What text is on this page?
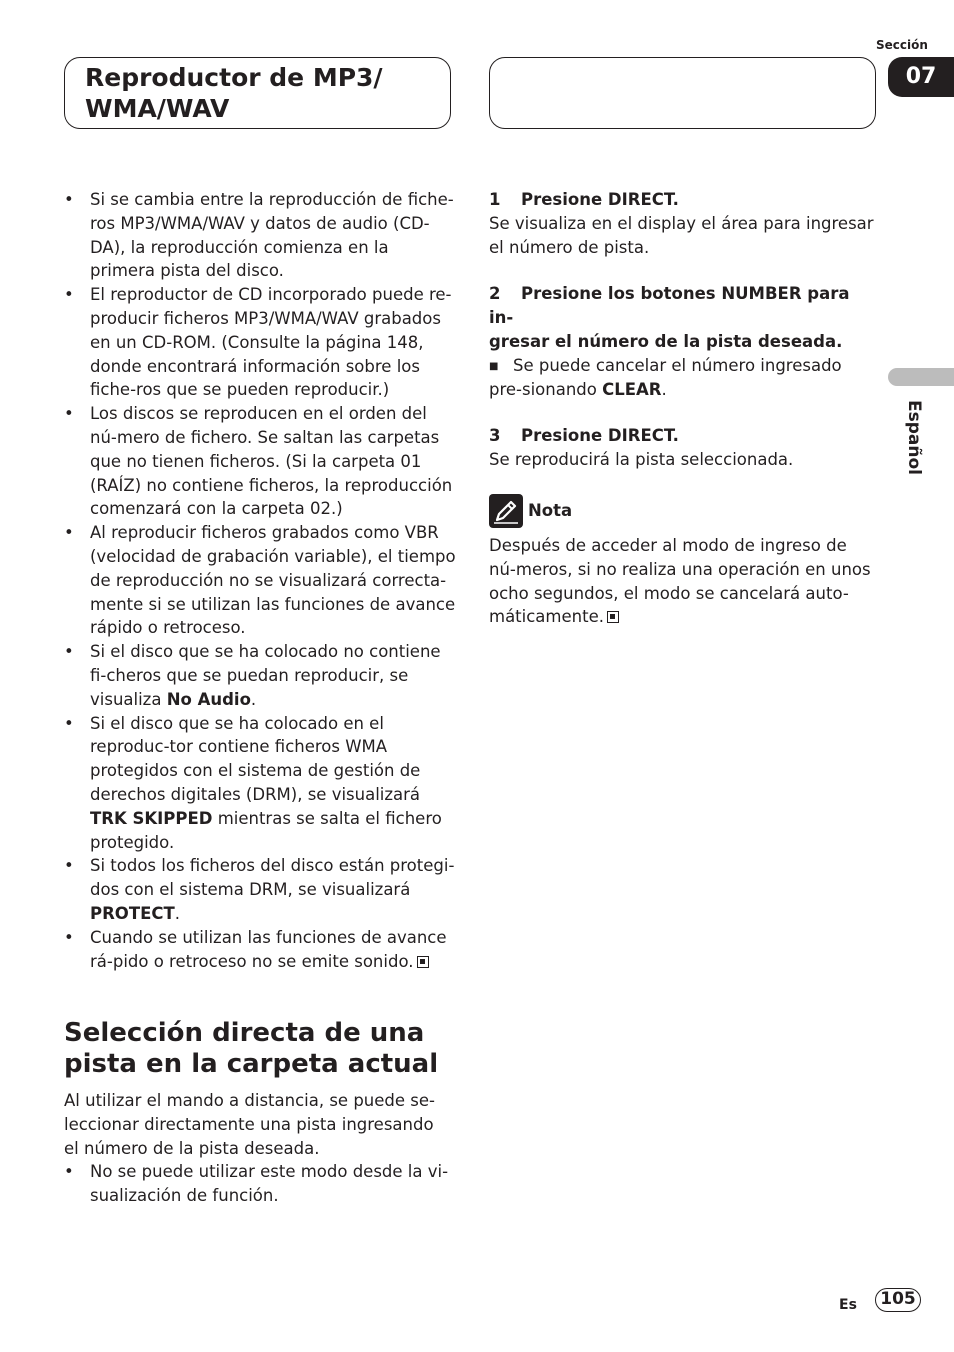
Reproductor de MP3/
WMA/WAV
Sección
07
Español
• Si se cambia entre la reproducción de fiche-ros MP3/WMA/WAV y datos de audio (CD-DA), la reproducción comienza en la primera pista del disco.
• El reproductor de CD incorporado puede re-producir ficheros MP3/WMA/WAV grabados en un CD-ROM. (Consulte la página 148, donde encontrará información sobre los fiche-ros que se pueden reproducir.)
• Los discos se reproducen en el orden del nú-mero de fichero. Se saltan las carpetas que no tienen ficheros. (Si la carpeta 01 (RAÍZ) no contiene ficheros, la reproducción comenzará con la carpeta 02.)
• Al reproducir ficheros grabados como VBR (velocidad de grabación variable), el tiempo de reproducción no se visualizará correcta-mente si se utilizan las funciones de avance rápido o retroceso.
• Si el disco que se ha colocado no contiene fi-cheros que se puedan reproducir, se visualiza No Audio.
• Si el disco que se ha colocado en el reproduc-tor contiene ficheros WMA protegidos con el sistema de gestión de derechos digitales (DRM), se visualizará TRK SKIPPED mientras se salta el fichero protegido.
• Si todos los ficheros del disco están protegi-dos con el sistema DRM, se visualizará PROTECT.
• Cuando se utilizan las funciones de avance rá-pido o retroceso no se emite sonido.
Selección directa de una
pista en la carpeta actual
Al utilizar el mando a distancia, se puede se-leccionar directamente una pista ingresando el número de la pista deseada.
• No se puede utilizar este modo desde la vi-sualización de función.
1 Presione DIRECT.
Se visualiza en el display el área para ingresar el número de pista.
2 Presione los botones NUMBER para in-
gresar el número de la pista deseada.
■ Se puede cancelar el número ingresado pre-sionando CLEAR.
3 Presione DIRECT.
Se reproducirá la pista seleccionada.
Nota
Después de acceder al modo de ingreso de nú-meros, si no realiza una operación en unos ocho segundos, el modo se cancelará auto-máticamente.
Es	105
